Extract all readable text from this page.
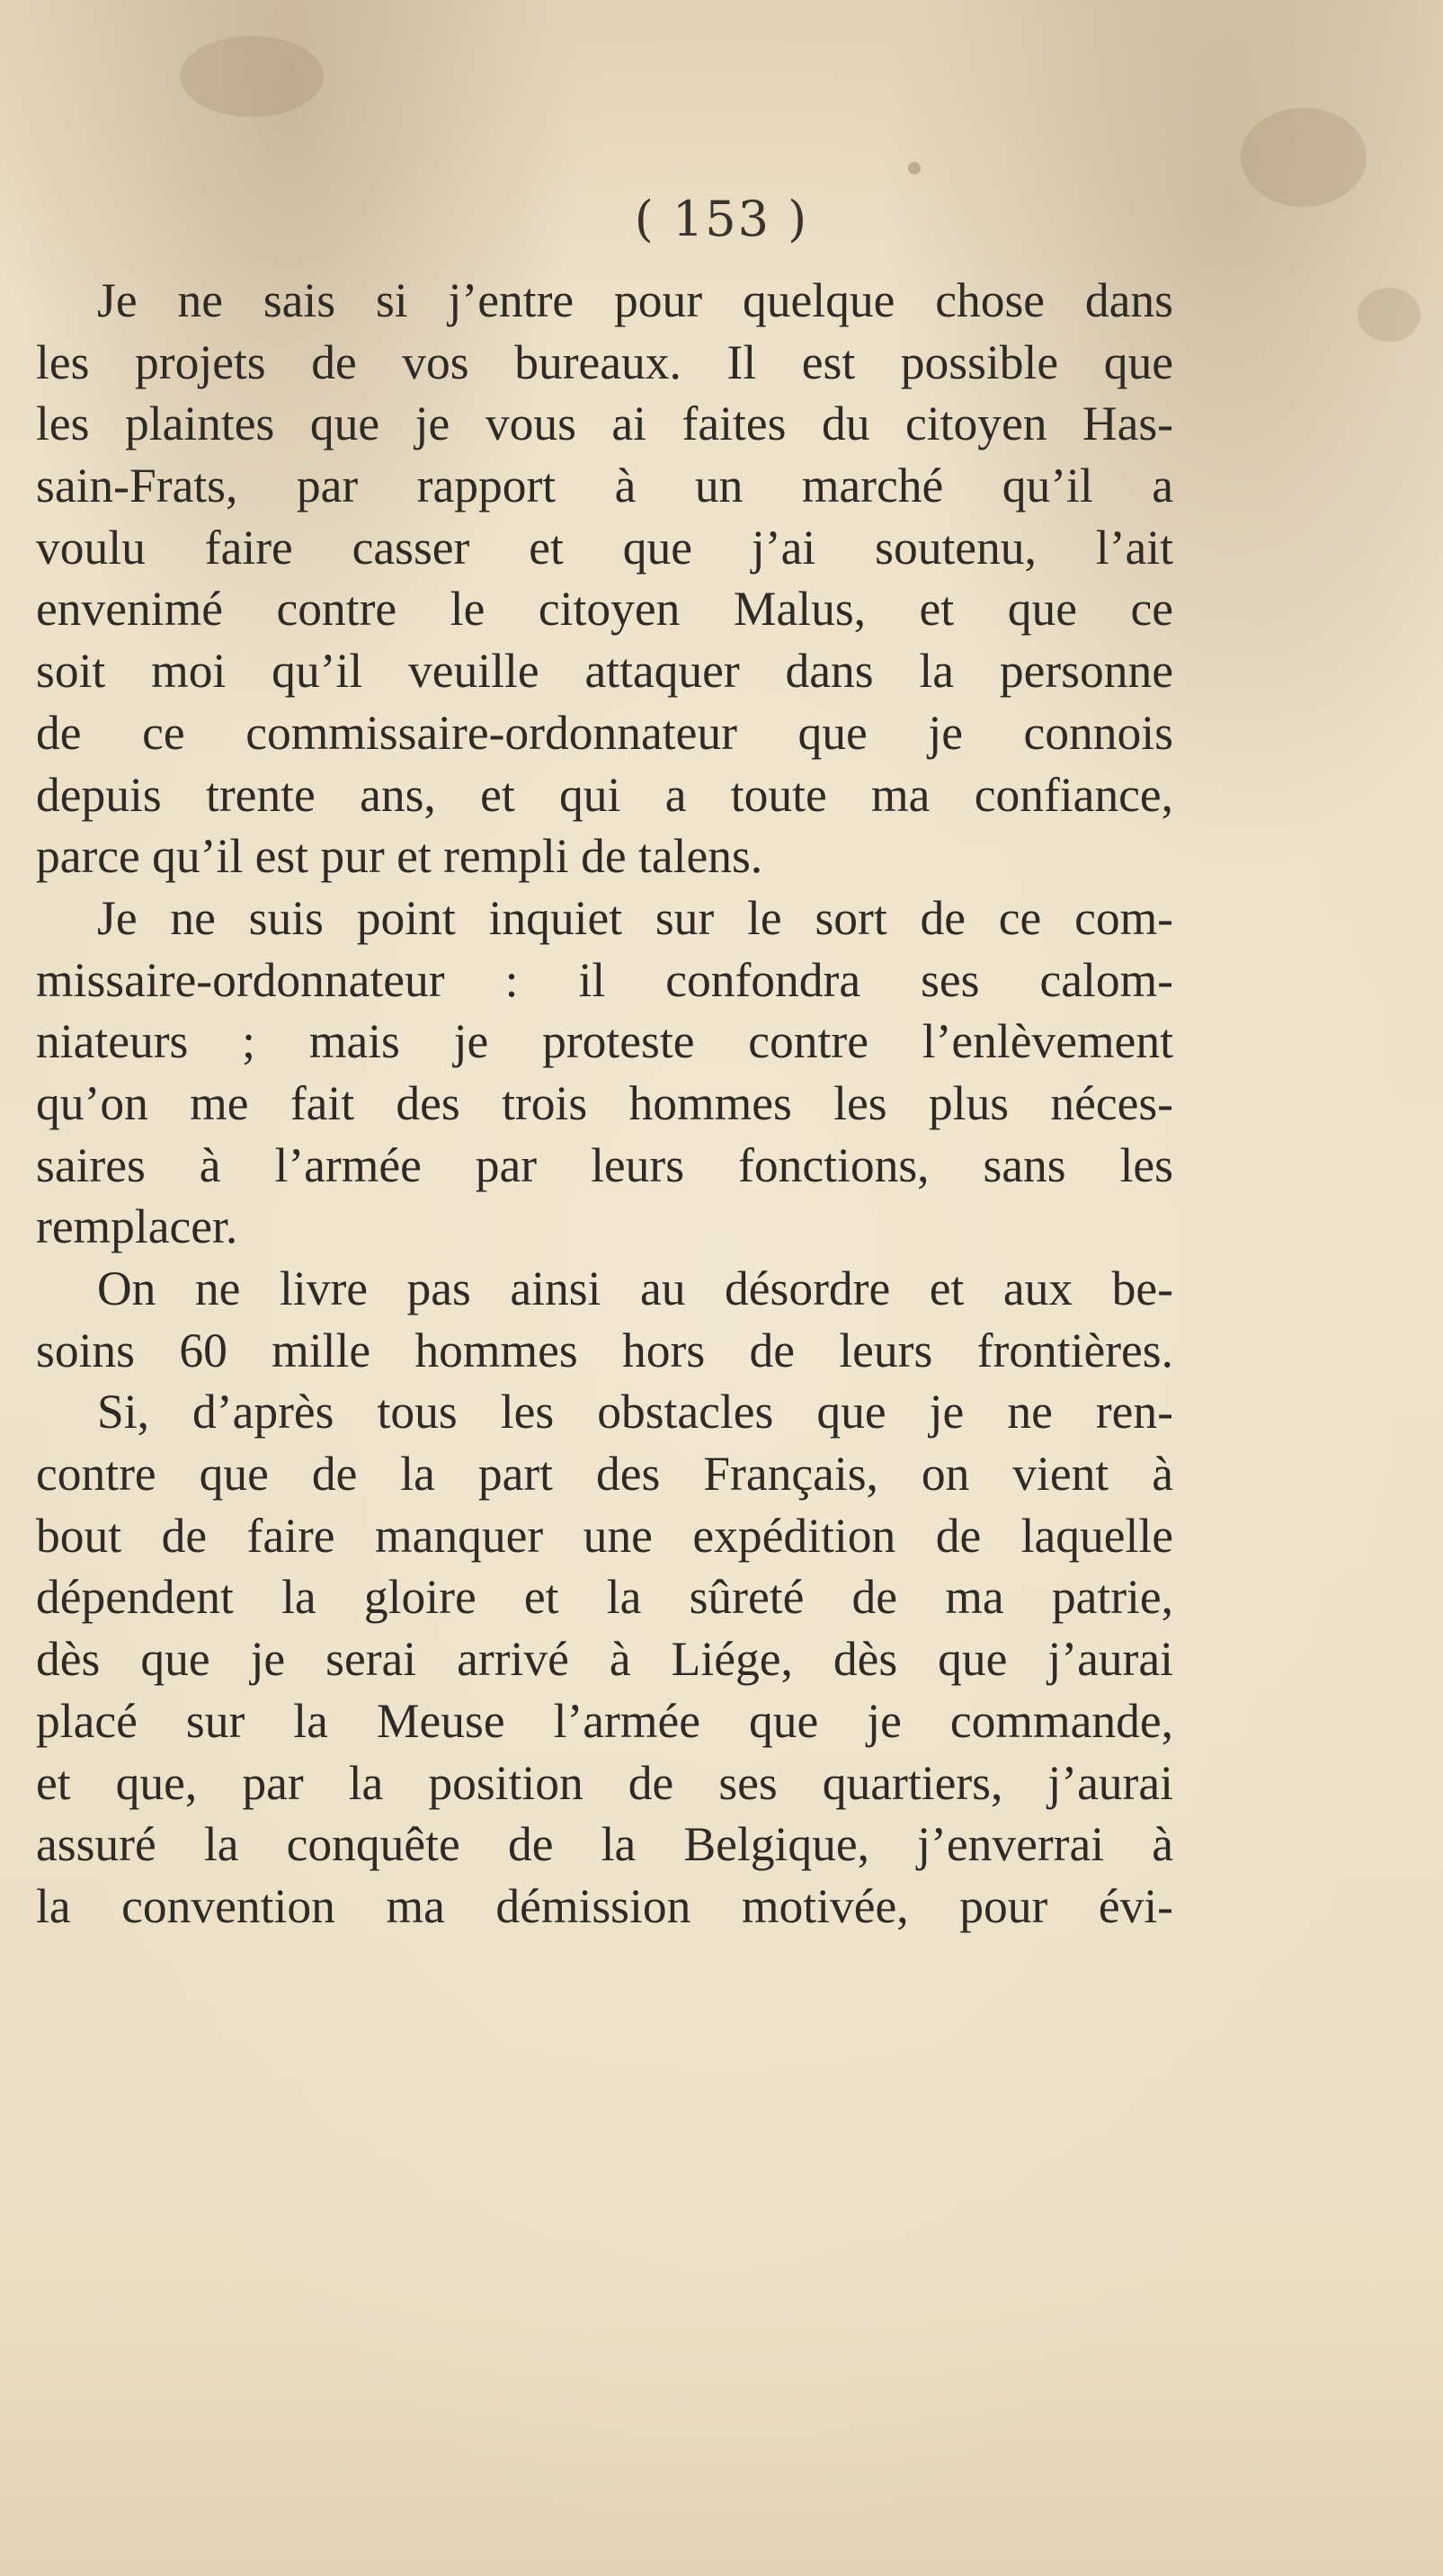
( 153 )
Je ne sais si j’entre pour quelque chose dans
les projets de vos bureaux. Il est possible que
les plaintes que je vous ai faites du citoyen Has-
sain-Frats, par rapport à un marché qu’il a
voulu faire casser et que j’ai soutenu, l’ait
envenimé contre le citoyen Malus, et que ce
soit moi qu’il veuille attaquer dans la personne
de ce commissaire-ordonnateur que je connois
depuis trente ans, et qui a toute ma confiance,
parce qu’il est pur et rempli de talens.
Je ne suis point inquiet sur le sort de ce com-
missaire-ordonnateur : il confondra ses calom-
niateurs ; mais je proteste contre l’enlèvement
qu’on me fait des trois hommes les plus néces-
saires à l’armée par leurs fonctions, sans les
remplacer.
On ne livre pas ainsi au désordre et aux be-
soins 60 mille hommes hors de leurs frontières.
Si, d’après tous les obstacles que je ne ren-
contre que de la part des Français, on vient à
bout de faire manquer une expédition de laquelle
dépendent la gloire et la sûreté de ma patrie,
dès que je serai arrivé à Liége, dès que j’aurai
placé sur la Meuse l’armée que je commande,
et que, par la position de ses quartiers, j’aurai
assuré la conquête de la Belgique, j’enverrai à
la convention ma démission motivée, pour évi-
